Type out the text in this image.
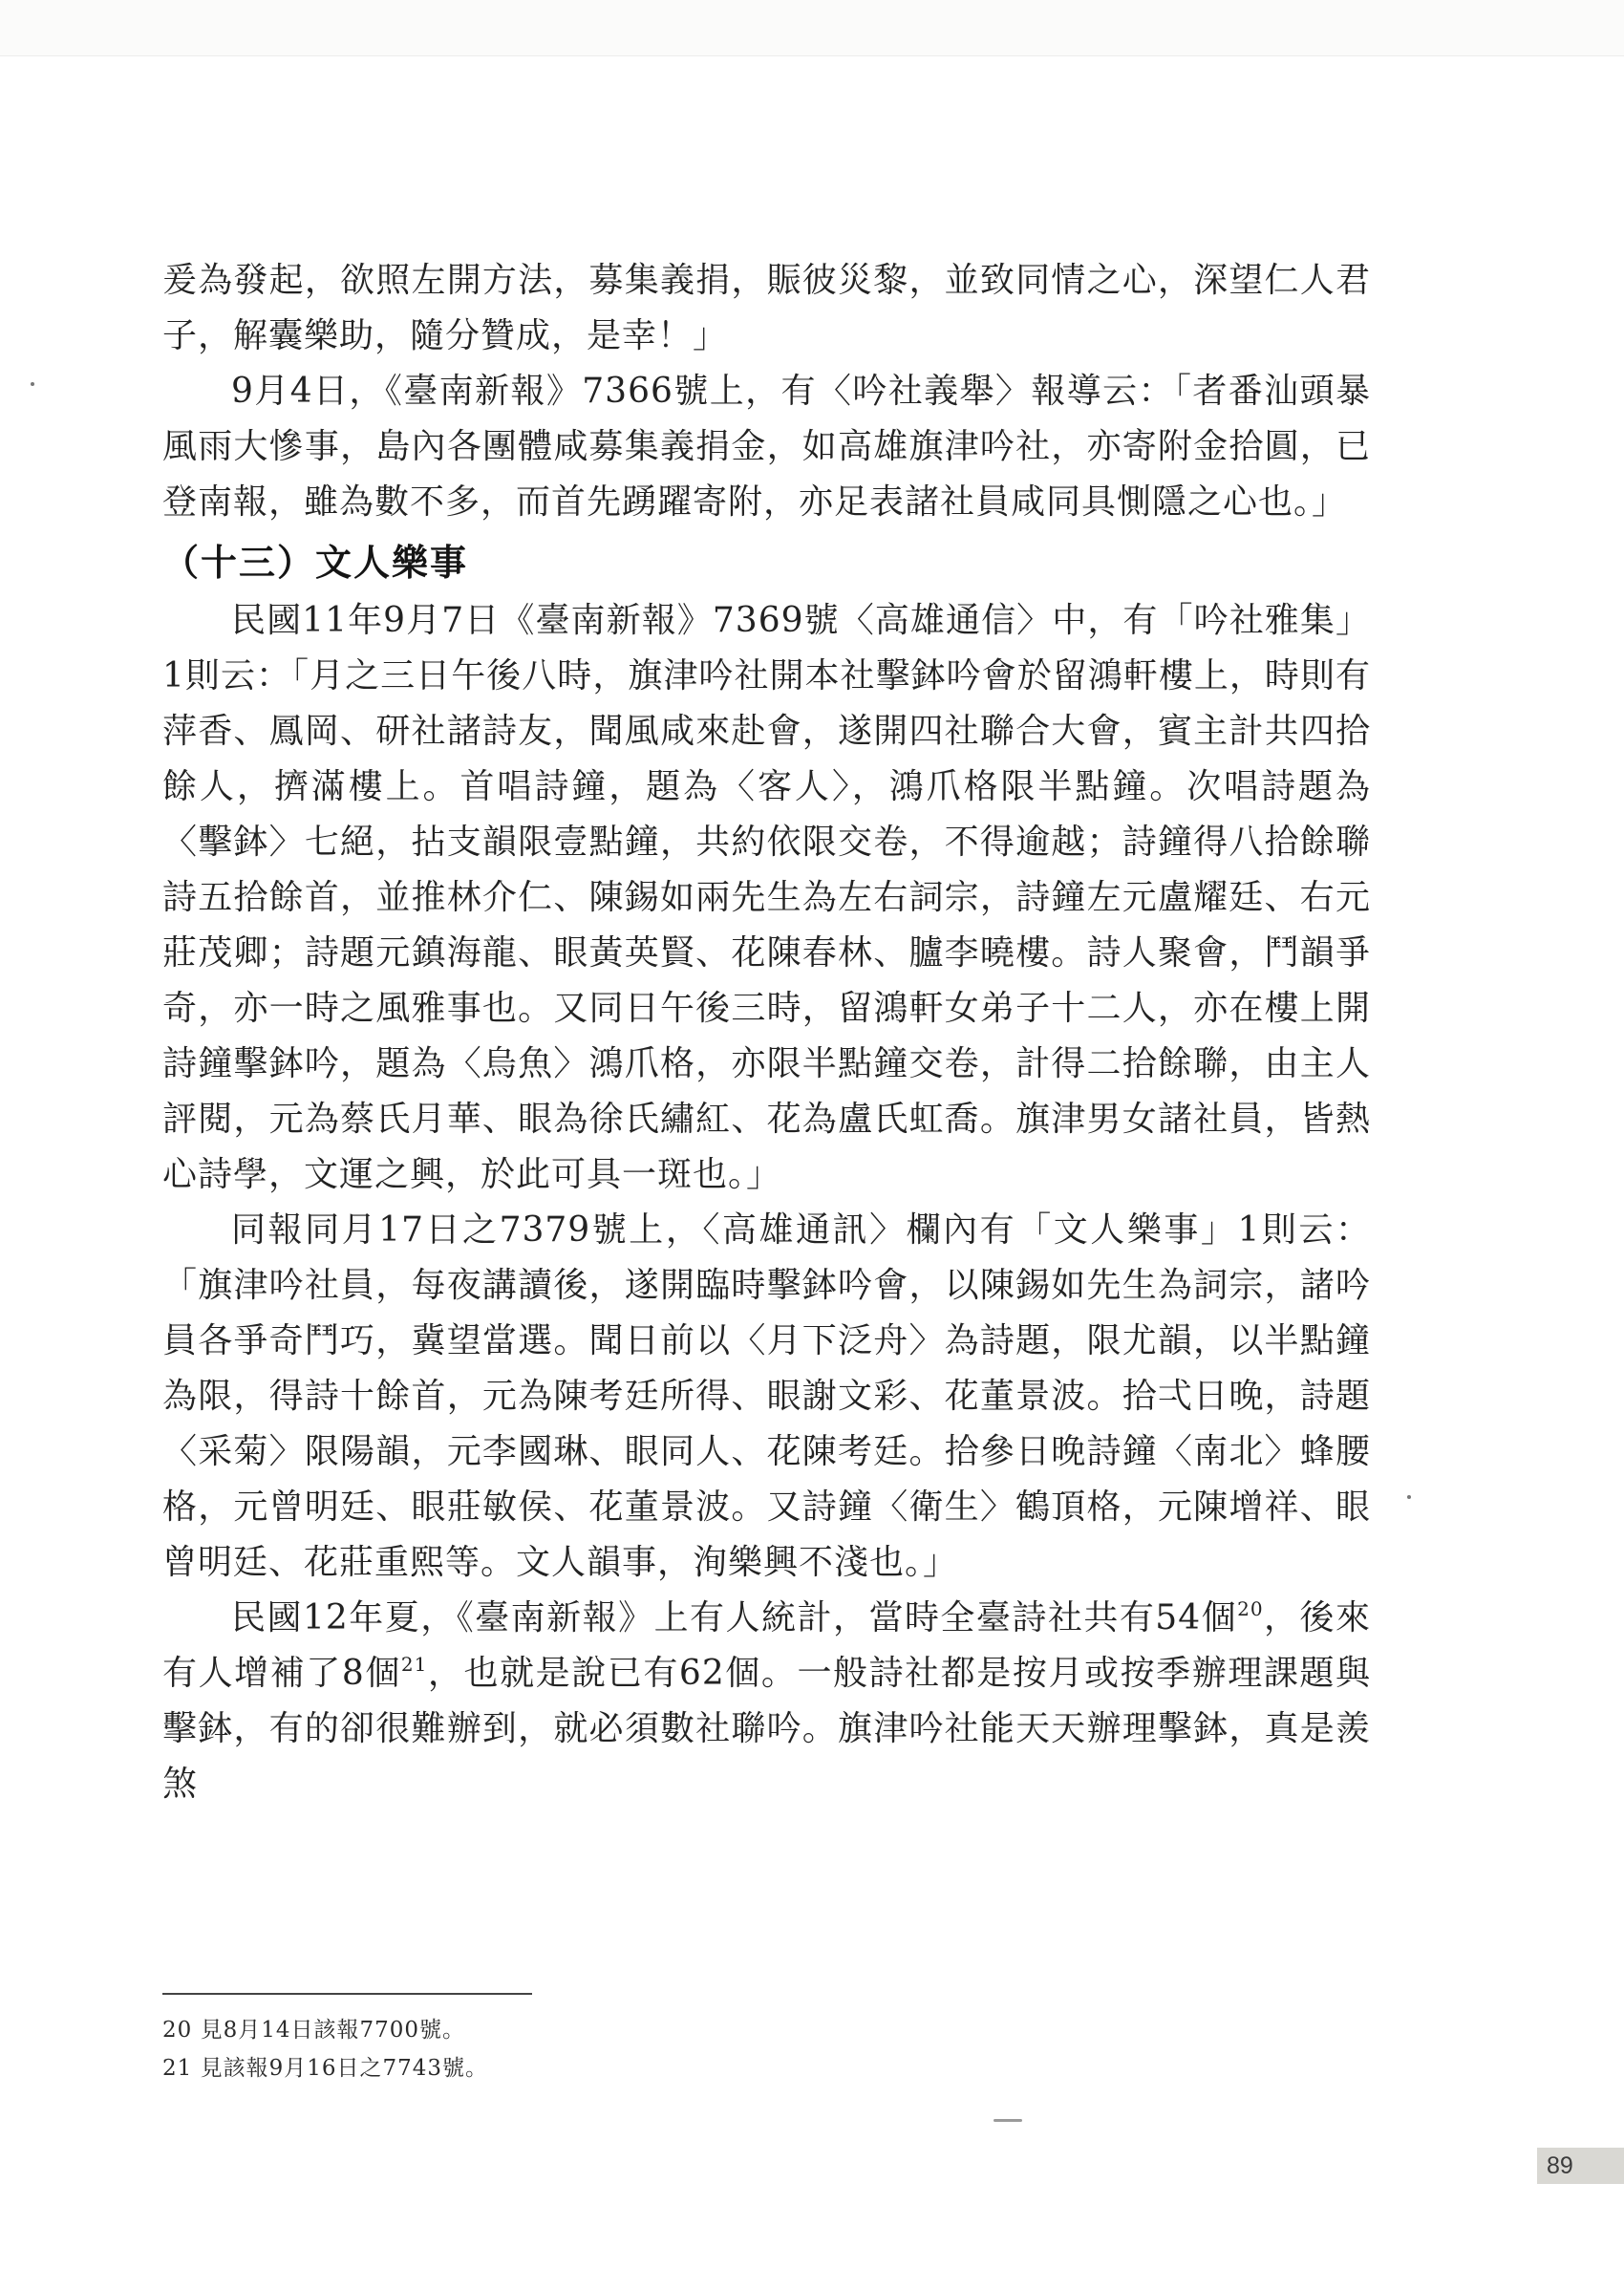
爰為發起，欲照左開方法，募集義捐，賑彼災黎，並致同情之心，深望仁人君子，解囊樂助，隨分贊成，是幸！」

9月4日，《臺南新報》7366號上，有〈吟社義舉〉報導云：「者番汕頭暴風雨大慘事，島內各團體咸募集義捐金，如高雄旗津吟社，亦寄附金拾圓，已登南報，雖為數不多，而首先踴躍寄附，亦足表諸社員咸同具惻隱之心也。」

（十三）文人樂事

民國11年9月7日《臺南新報》7369號〈高雄通信〉中，有「吟社雅集」1則云：「月之三日午後八時，旗津吟社開本社擊鉢吟會於留鴻軒樓上，時則有萍香、鳳岡、研社諸詩友，聞風咸來赴會，遂開四社聯合大會，賓主計共四拾餘人，擠滿樓上。首唱詩鐘，題為〈客人〉，鴻爪格限半點鐘。次唱詩題為〈擊鉢〉七絕，拈支韻限壹點鐘，共約依限交卷，不得逾越；詩鐘得八拾餘聯詩五拾餘首，並推林介仁、陳錫如兩先生為左右詞宗，詩鐘左元盧耀廷、右元莊茂卿；詩題元鎮海龍、眼黃英賢、花陳春林、臚李曉樓。詩人聚會，鬥韻爭奇，亦一時之風雅事也。又同日午後三時，留鴻軒女弟子十二人，亦在樓上開詩鐘擊鉢吟，題為〈烏魚〉鴻爪格，亦限半點鐘交卷，計得二拾餘聯，由主人評閱，元為蔡氏月華、眼為徐氏繡紅、花為盧氏虹喬。旗津男女諸社員，皆熱心詩學，文運之興，於此可具一斑也。」

同報同月17日之7379號上，〈高雄通訊〉欄內有「文人樂事」1則云：「旗津吟社員，每夜講讀後，遂開臨時擊鉢吟會，以陳錫如先生為詞宗，諸吟員各爭奇鬥巧，冀望當選。聞日前以〈月下泛舟〉為詩題，限尤韻，以半點鐘為限，得詩十餘首，元為陳考廷所得、眼謝文彩、花董景波。拾弌日晚，詩題〈采菊〉限陽韻，元李國琳、眼同人、花陳考廷。拾參日晚詩鐘〈南北〉蜂腰格，元曾明廷、眼莊敏侯、花董景波。又詩鐘〈衛生〉鶴頂格，元陳增祥、眼曾明廷、花莊重熙等。文人韻事，洵樂興不淺也。」

民國12年夏，《臺南新報》上有人統計，當時全臺詩社共有54個$^{20}$，後來有人增補了8個$^{21}$，也就是說已有62個。一般詩社都是按月或按季辦理課題與擊鉢，有的卻很難辦到，就必須數社聯吟。旗津吟社能天天辦理擊鉢，真是羨煞

20 見8月14日該報7700號。

21 見該報9月16日之7743號。

89
